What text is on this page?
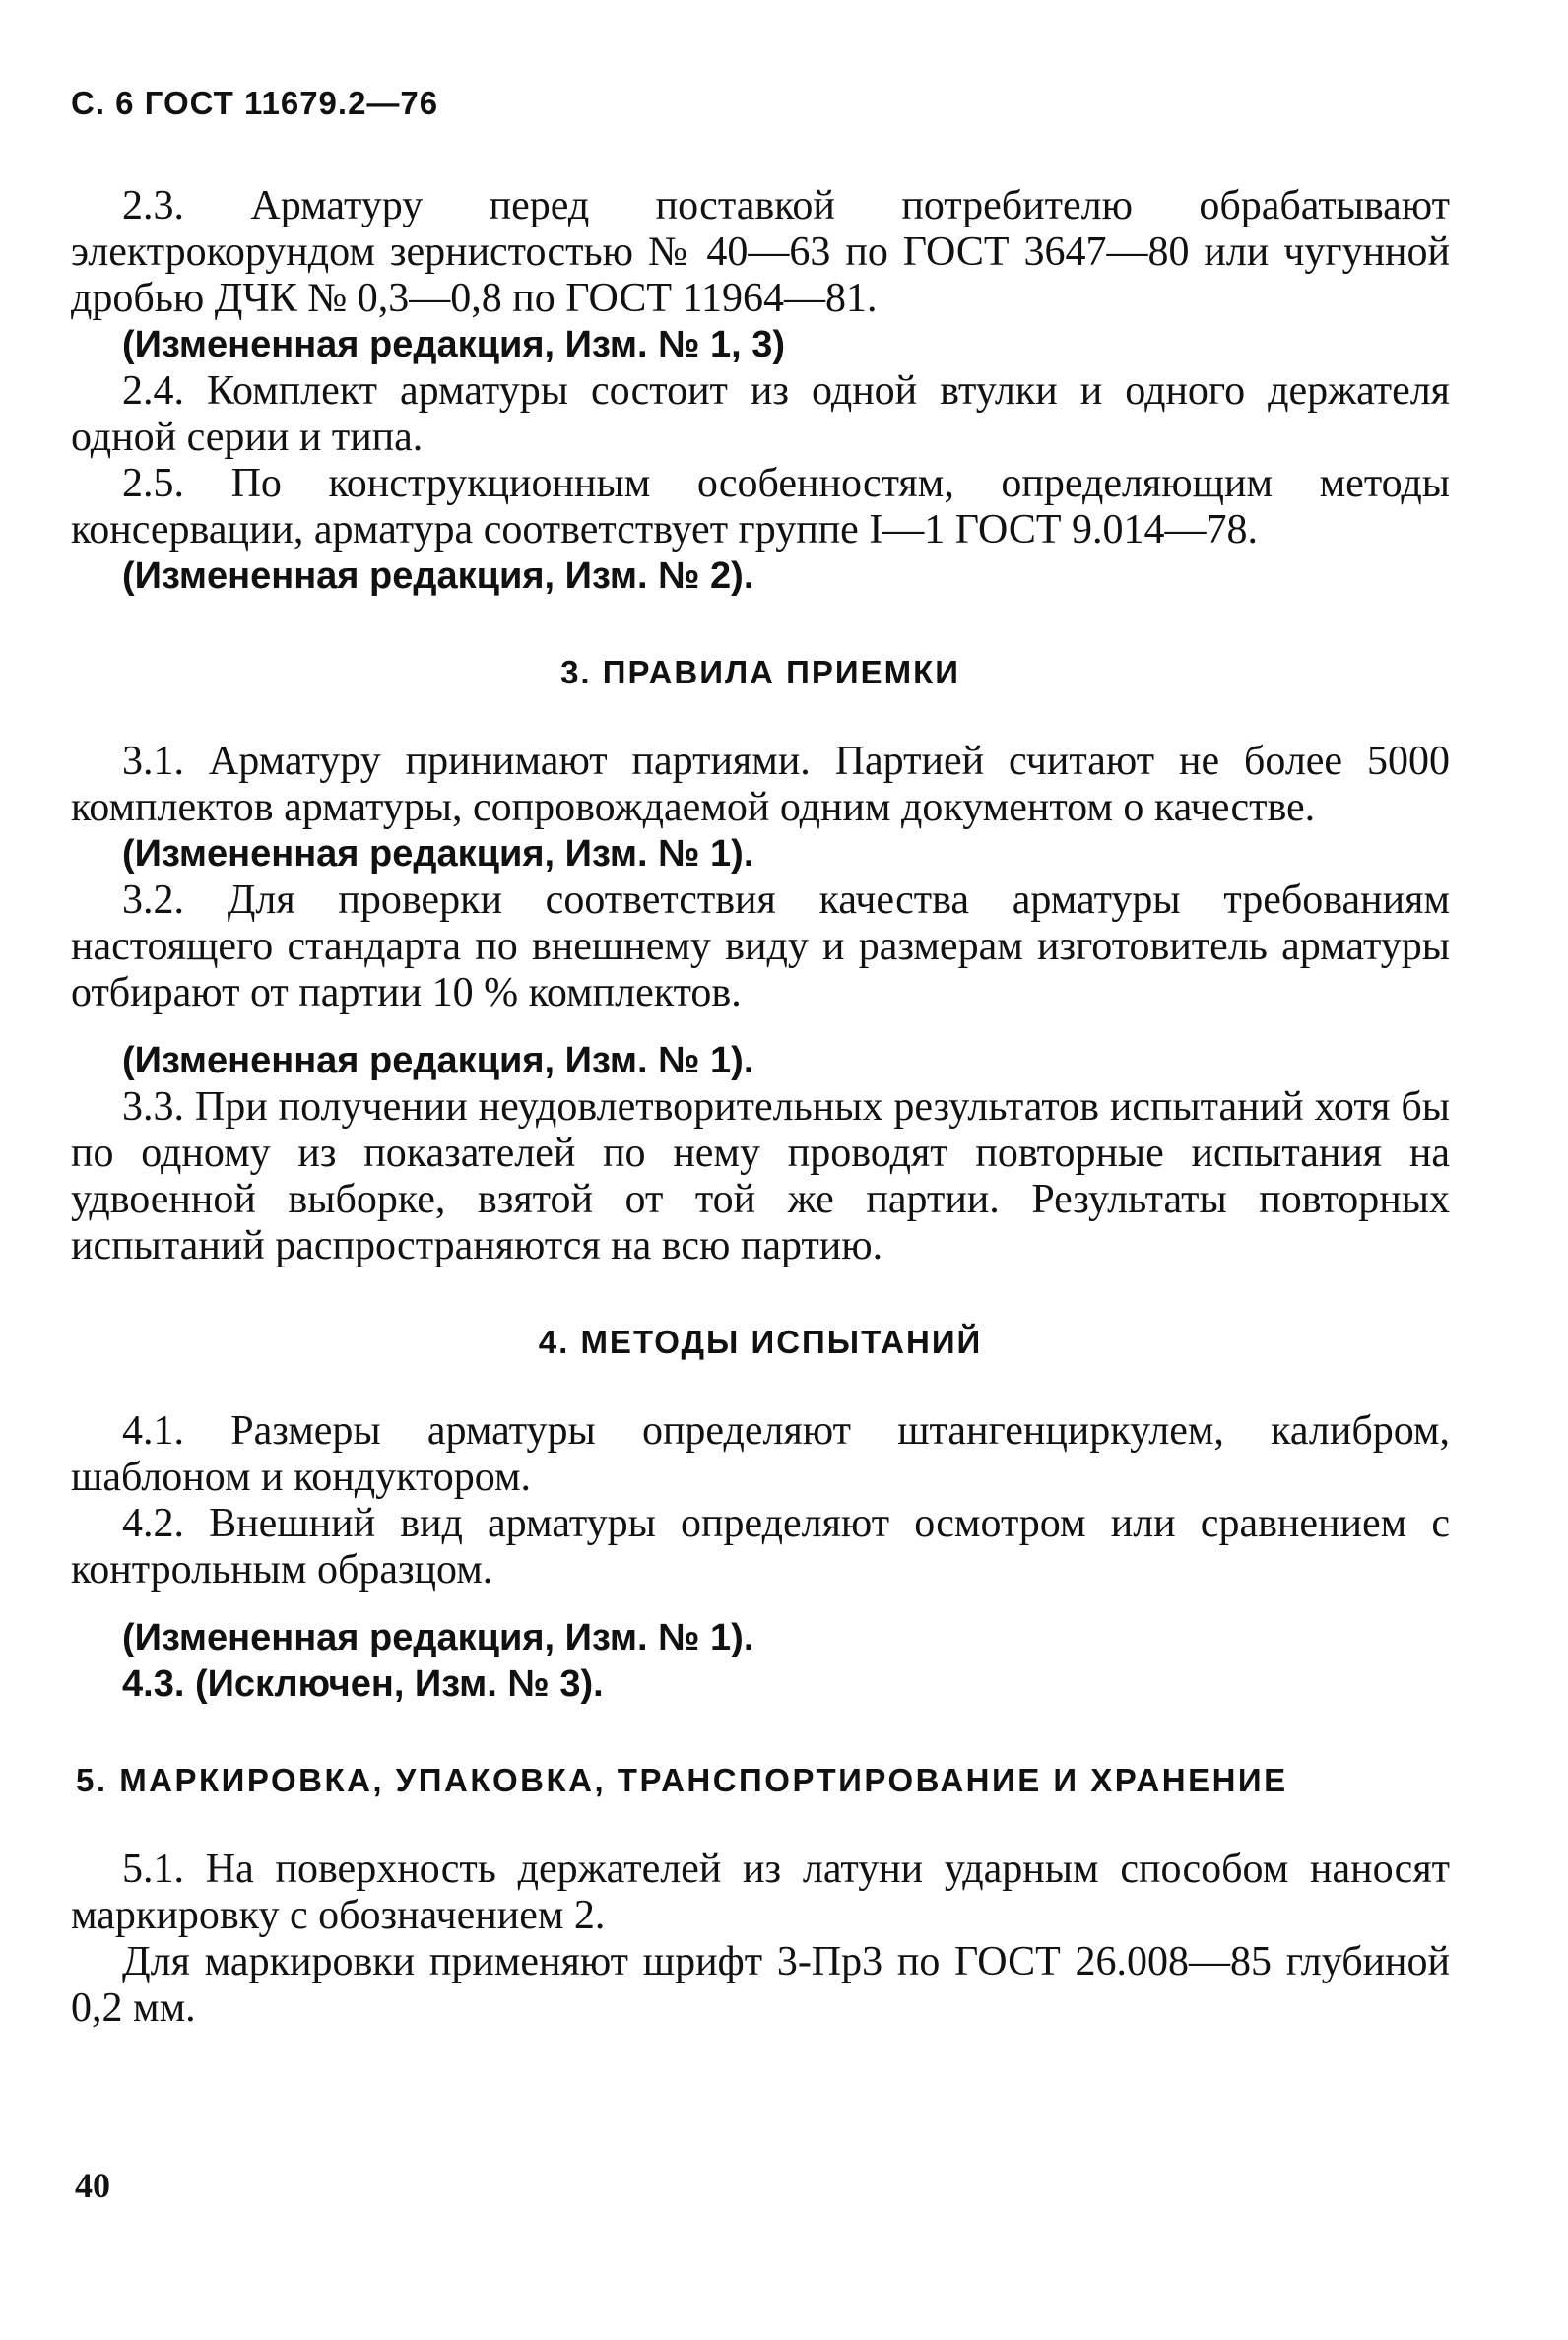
С. 6 ГОСТ 11679.2—76

2.3. Арматуру перед поставкой потребителю обрабатывают электрокорундом зернистостью № 40—63 по ГОСТ 3647—80 или чугунной дробью ДЧК № 0,3—0,8 по ГОСТ 11964—81.

(Измененная редакция, Изм. № 1, 3)

2.4. Комплект арматуры состоит из одной втулки и одного держателя одной серии и типа.

2.5. По конструкционным особенностям, определяющим методы консервации, арматура соответствует группе I—1 ГОСТ 9.014—78.

(Измененная редакция, Изм. № 2).

3. ПРАВИЛА ПРИЕМКИ

3.1. Арматуру принимают партиями. Партией считают не более 5000 комплектов арматуры, сопровождаемой одним документом о качестве.

(Измененная редакция, Изм. № 1).

3.2. Для проверки соответствия качества арматуры требованиям настоящего стандарта по внешнему виду и размерам изготовитель арматуры отбирают от партии 10 % комплектов.

(Измененная редакция, Изм. № 1).

3.3. При получении неудовлетворительных результатов испытаний хотя бы по одному из показателей по нему проводят повторные испытания на удвоенной выборке, взятой от той же партии. Результаты повторных испытаний распространяются на всю партию.

4. МЕТОДЫ ИСПЫТАНИЙ

4.1. Размеры арматуры определяют штангенциркулем, калибром, шаблоном и кондуктором.

4.2. Внешний вид арматуры определяют осмотром или сравнением с контрольным образцом.

(Измененная редакция, Изм. № 1).

4.3. (Исключен, Изм. № 3).

5. МАРКИРОВКА, УПАКОВКА, ТРАНСПОРТИРОВАНИЕ И ХРАНЕНИЕ

5.1. На поверхность держателей из латуни ударным способом наносят маркировку с обозначением 2.

Для маркировки применяют шрифт 3-Пр3 по ГОСТ 26.008—85 глубиной 0,2 мм.

40
